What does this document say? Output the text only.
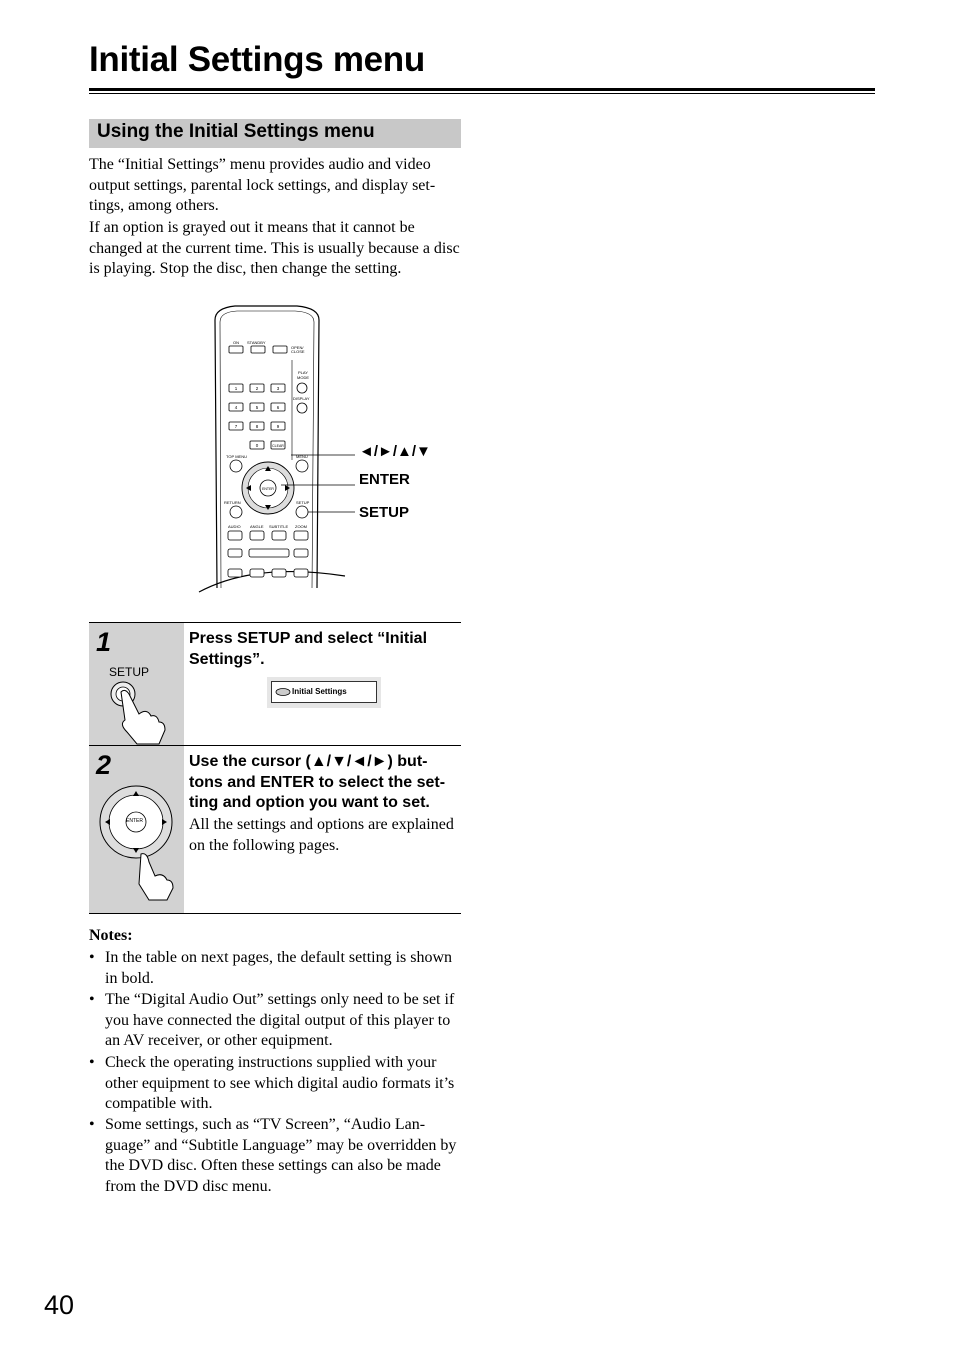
Initial Settings menu
Using the Initial Settings menu
The “Initial Settings” menu provides audio and video output settings, parental lock settings, and display set-tings, among others.
If an option is grayed out it means that it cannot be changed at the current time. This is usually because a disc is playing. Stop the disc, then change the setting.
ON STANDBY
OPEN/
CLOSE
PLAY
MODE
DISPLAY
1	2	3
4	5	6
7	8	9
0	CLEAR
TOP MENU	MENU
ENTER
RETURN	SETUP
AUDIO ANGLE SUBTITLE ZOOM
◄/►/▲/▼
ENTER
SETUP
1
SETUP
Press SETUP and select “Initial Settings”.
Initial Settings
2
ENTER
Use the cursor (▲/▼/◄/►) but-tons and ENTER to select the set-ting and option you want to set.
All the settings and options are explained on the following pages.
Notes:
• In the table on next pages, the default setting is shown in bold.
• The “Digital Audio Out” settings only need to be set if you have connected the digital output of this player to an AV receiver, or other equipment.
• Check the operating instructions supplied with your other equipment to see which digital audio formats it’s compatible with.
• Some settings, such as “TV Screen”, “Audio Lan-guage” and “Subtitle Language” may be overridden by the DVD disc. Often these settings can also be made from the DVD disc menu.
40
